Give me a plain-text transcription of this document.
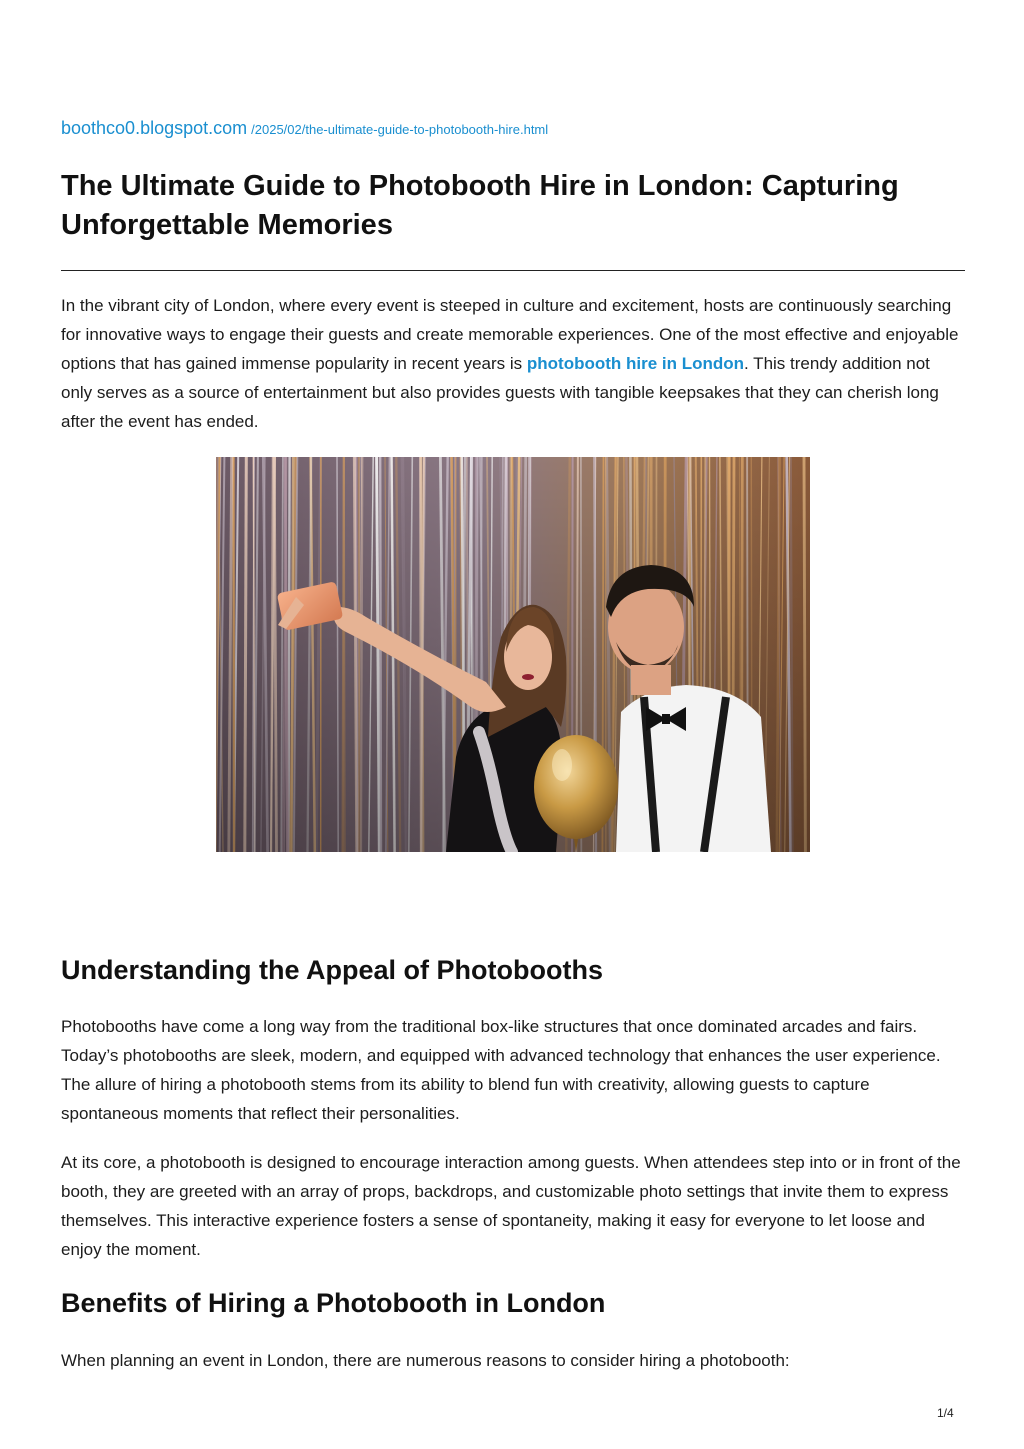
boothco0.blogspot.com /2025/02/the-ultimate-guide-to-photobooth-hire.html
The Ultimate Guide to Photobooth Hire in London: Capturing Unforgettable Memories

In the vibrant city of London, where every event is steeped in culture and excitement, hosts are continuously searching for innovative ways to engage their guests and create memorable experiences. One of the most effective and enjoyable options that has gained immense popularity in recent years is photobooth hire in London. This trendy addition not only serves as a source of entertainment but also provides guests with tangible keepsakes that they can cherish long after the event has ended.

Understanding the Appeal of Photobooths

Photobooths have come a long way from the traditional box-like structures that once dominated arcades and fairs. Today’s photobooths are sleek, modern, and equipped with advanced technology that enhances the user experience. The allure of hiring a photobooth stems from its ability to blend fun with creativity, allowing guests to capture spontaneous moments that reflect their personalities.

At its core, a photobooth is designed to encourage interaction among guests. When attendees step into or in front of the booth, they are greeted with an array of props, backdrops, and customizable photo settings that invite them to express themselves. This interactive experience fosters a sense of spontaneity, making it easy for everyone to let loose and enjoy the moment.

Benefits of Hiring a Photobooth in London

When planning an event in London, there are numerous reasons to consider hiring a photobooth:

1/4
